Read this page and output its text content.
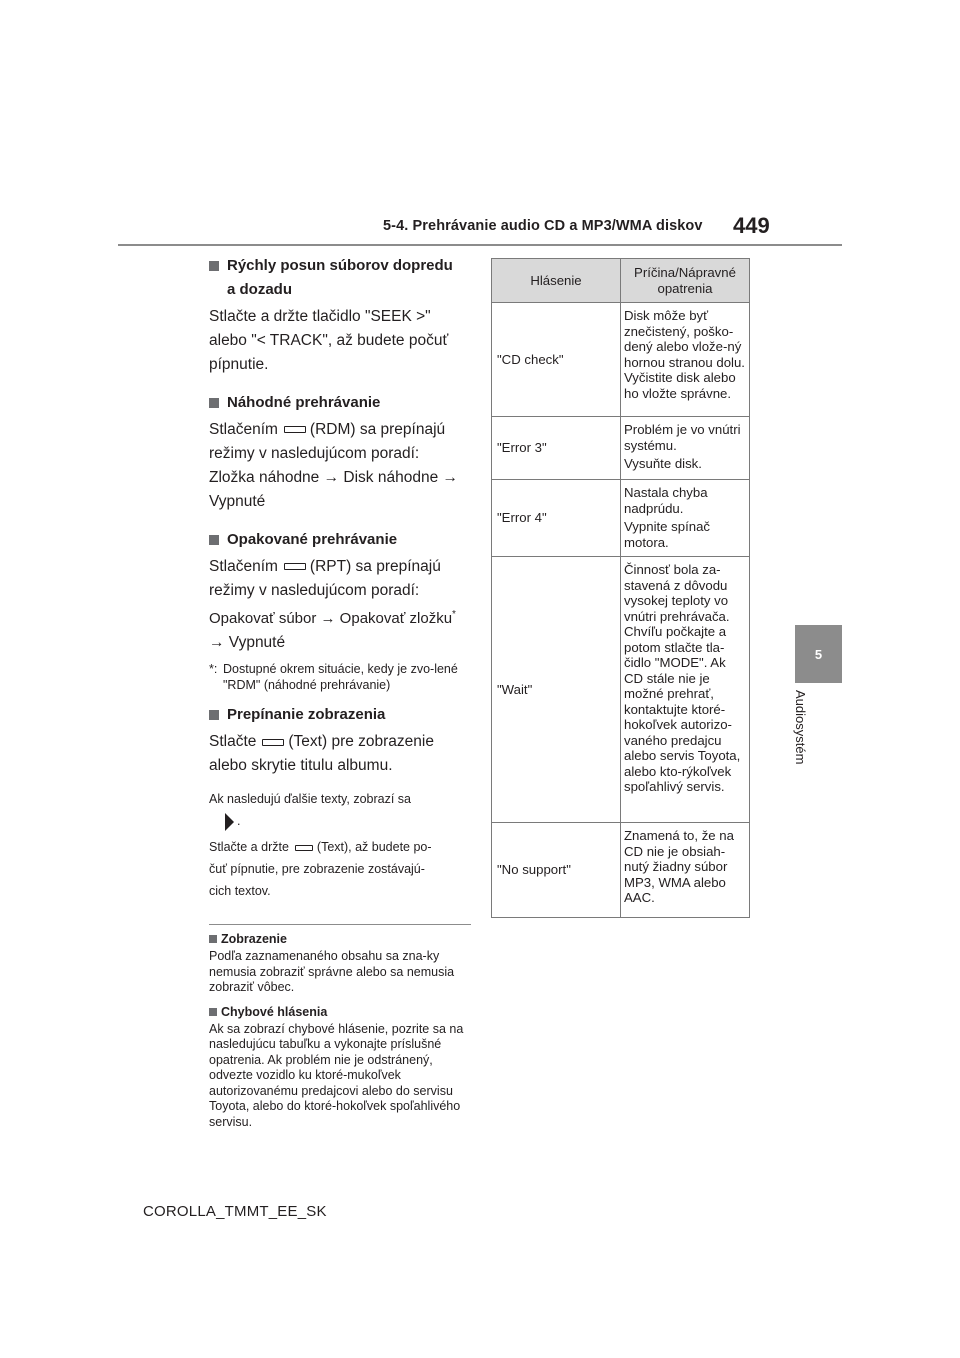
5-4. Prehrávanie audio CD a MP3/WMA diskov 449
5
Audiosystém
Rýchly posun súborov dopredu
a dozadu
Stlačte a držte tlačidlo "SEEK >"
alebo "< TRACK", až budete počuť
pípnutie.
Náhodné prehrávanie
Stlačením (RDM) sa prepínajú
režimy v nasledujúcom poradí:
Zložka náhodne → Disk náhodne →
Vypnuté
Opakované prehrávanie
Stlačením (RPT) sa prepínajú
režimy v nasledujúcom poradí:
Opakovať súbor → Opakovať zložku*
→ Vypnuté
*: Dostupné okrem situácie, kedy je zvo-lené "RDM" (náhodné prehrávanie)
Prepínanie zobrazenia
Stlačte (Text) pre zobrazenie
alebo skrytie titulu albumu.
Ak nasledujú ďalšie texty, zobrazí sa
.
Stlačte a držte (Text), až budete po-
čuť pípnutie, pre zobrazenie zostávajú-
cich textov.
Zobrazenie
Podľa zaznamenaného obsahu sa zna-ky nemusia zobraziť správne alebo sa nemusia zobraziť vôbec.
Chybové hlásenia
Ak sa zobrazí chybové hlásenie, pozrite sa na nasledujúcu tabuľku a vykonajte príslušné opatrenia. Ak problém nie je odstránený, odvezte vozidlo ku ktoré-mukoľvek autorizovanému predajcovi alebo do servisu Toyota, alebo do ktoré-hokoľvek spoľahlivého servisu.
Hlásenie	Príčina/Nápravné opatrenia
"CD check"	Disk môže byť znečistený, poško-dený alebo vlože-ný hornou stranou dolu. Vyčistite disk alebo ho vložte správne.

"Error 3"	Problém je vo vnútri systému.

Vysuňte disk.

"Error 4"	Nastala chyba nadprúdu.

Vypnite spínač motora.

"Wait"	Činnosť bola za-stavená z dôvodu vysokej teploty vo vnútri prehrávača. Chvíľu počkajte a potom stlačte tla-čidlo "MODE". Ak CD stále nie je možné prehrať, kontaktujte ktoré-hokoľvek autorizo-vaného predajcu alebo servis Toyota, alebo kto-rýkoľvek spoľahlivý servis.

"No support"	Znamená to, že na CD nie je obsiah-nutý žiadny súbor MP3, WMA alebo AAC.

COROLLA_TMMT_EE_SK
